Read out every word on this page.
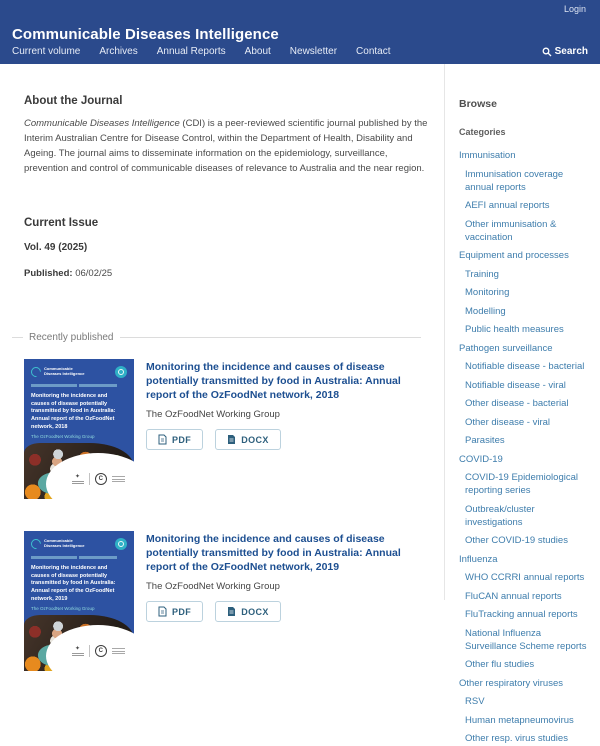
Login
Communicable Diseases Intelligence
Current volume Archives Annual Reports About Newsletter Contact	Search
About the Journal
Communicable Diseases Intelligence (CDI) is a peer-reviewed scientific journal published by the Interim Australian Centre for Disease Control, within the Department of Health, Disability and Ageing. The journal aims to disseminate information on the epidemiology, surveillance, prevention and control of communicable diseases of relevance to Australia and the near region.
Current Issue
Vol. 49 (2025)
Published: 06/02/25
Recently published
Communicable Diseases Intelligence
Monitoring the incidence and causes of disease potentially transmitted by food in Australia: Annual report of the OzFoodNet network, 2018
The OzFoodNet Working Group
✦	C
Monitoring the incidence and causes of disease potentially transmitted by food in Australia: Annual report of the OzFoodNet network, 2018
The OzFoodNet Working Group
PDF	DOCX
Communicable Diseases Intelligence
Monitoring the incidence and causes of disease potentially transmitted by food in Australia: Annual report of the OzFoodNet network, 2019
The OzFoodNet Working Group
✦	C
Monitoring the incidence and causes of disease potentially transmitted by food in Australia: Annual report of the OzFoodNet network, 2019
The OzFoodNet Working Group
PDF	DOCX
Browse
Categories
Immunisation
Immunisation coverage annual reports
AEFI annual reports
Other immunisation & vaccination
Equipment and processes
Training
Monitoring
Modelling
Public health measures
Pathogen surveillance
Notifiable disease - bacterial
Notifiable disease - viral
Other disease - bacterial
Other disease - viral
Parasites
COVID-19
COVID-19 Epidemiological reporting series
Outbreak/cluster investigations
Other COVID-19 studies
Influenza
WHO CCRRI annual reports
FluCAN annual reports
FluTracking annual reports
National Influenza Surveillance Scheme reports
Other flu studies
Other respiratory viruses
RSV
Human metapneumovirus
Other resp. virus studies
